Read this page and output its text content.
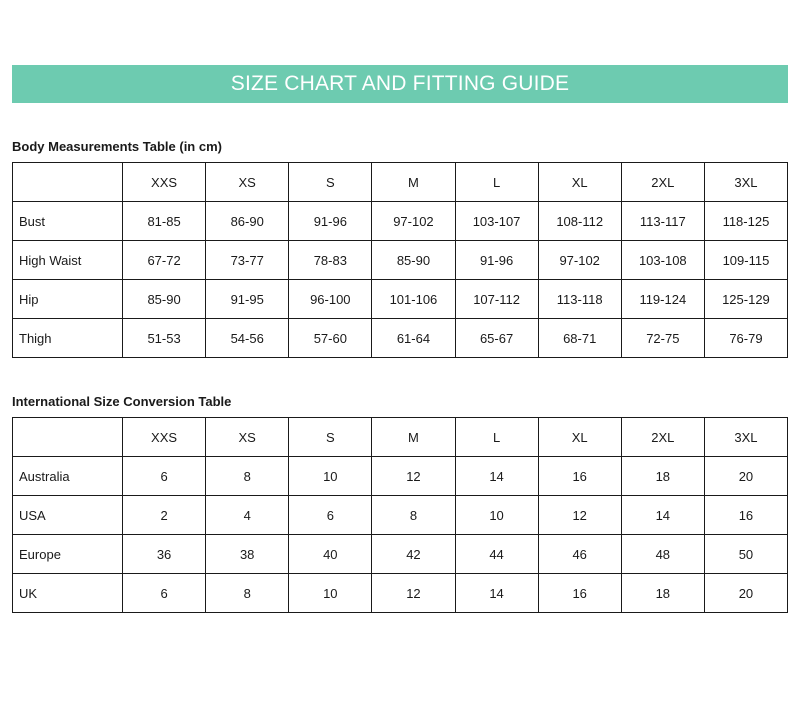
SIZE CHART AND FITTING GUIDE
Body Measurements Table (in cm)
	XXS	XS	S	M	L	XL	2XL	3XL
Bust	81-85	86-90	91-96	97-102	103-107	108-112	113-117	118-125
High Waist	67-72	73-77	78-83	85-90	91-96	97-102	103-108	109-115
Hip	85-90	91-95	96-100	101-106	107-112	113-118	119-124	125-129
Thigh	51-53	54-56	57-60	61-64	65-67	68-71	72-75	76-79
International Size Conversion Table
	XXS	XS	S	M	L	XL	2XL	3XL
Australia	6	8	10	12	14	16	18	20
USA	2	4	6	8	10	12	14	16
Europe	36	38	40	42	44	46	48	50
UK	6	8	10	12	14	16	18	20
